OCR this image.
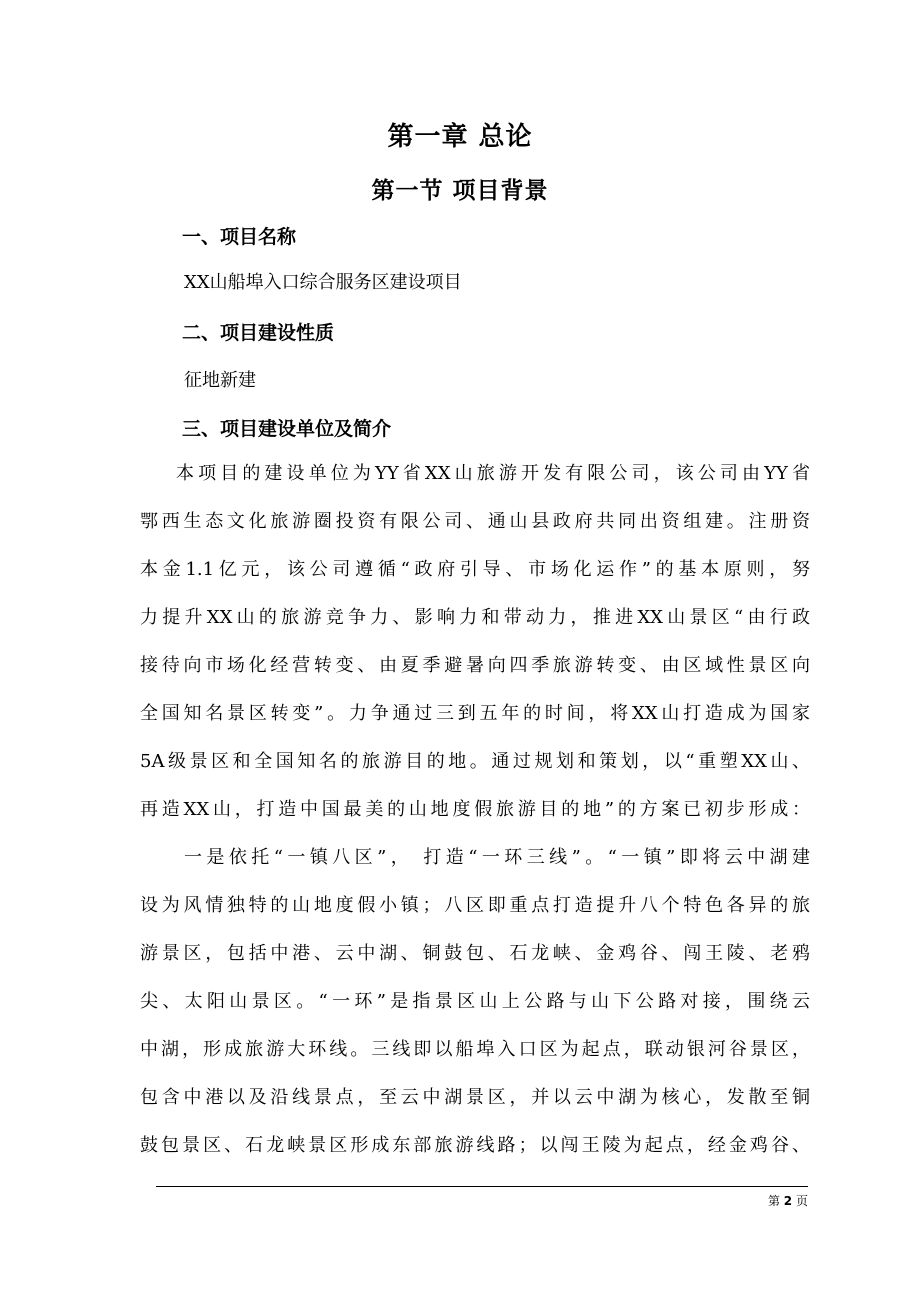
第一章 总论
第一节 项目背景
一、项目名称
XX山船埠入口综合服务区建设项目
二、项目建设性质
征地新建
三、项目建设单位及简介
本项目的建设单位为YY省XX山旅游开发有限公司，该公司由YY省
鄂西生态文化旅游圈投资有限公司、通山县政府共同出资组建。注册资
本金1.1亿元，该公司遵循“政府引导、市场化运作”的基本原则，努
力提升XX山的旅游竞争力、影响力和带动力，推进XX山景区“由行政
接待向市场化经营转变、由夏季避暑向四季旅游转变、由区域性景区向
全国知名景区转变”。力争通过三到五年的时间，将XX山打造成为国家
5A级景区和全国知名的旅游目的地。通过规划和策划，以“重塑XX山、
再造XX山，打造中国最美的山地度假旅游目的地”的方案已初步形成：
一是依托“一镇八区”， 打造“一环三线”。“一镇”即将云中湖建
设为风情独特的山地度假小镇；八区即重点打造提升八个特色各异的旅
游景区，包括中港、云中湖、铜鼓包、石龙峡、金鸡谷、闯王陵、老鸦
尖、太阳山景区。“一环”是指景区山上公路与山下公路对接，围绕云
中湖，形成旅游大环线。三线即以船埠入口区为起点，联动银河谷景区，
包含中港以及沿线景点，至云中湖景区，并以云中湖为核心，发散至铜
鼓包景区、石龙峡景区形成东部旅游线路；以闯王陵为起点，经金鸡谷、
第 2 页
